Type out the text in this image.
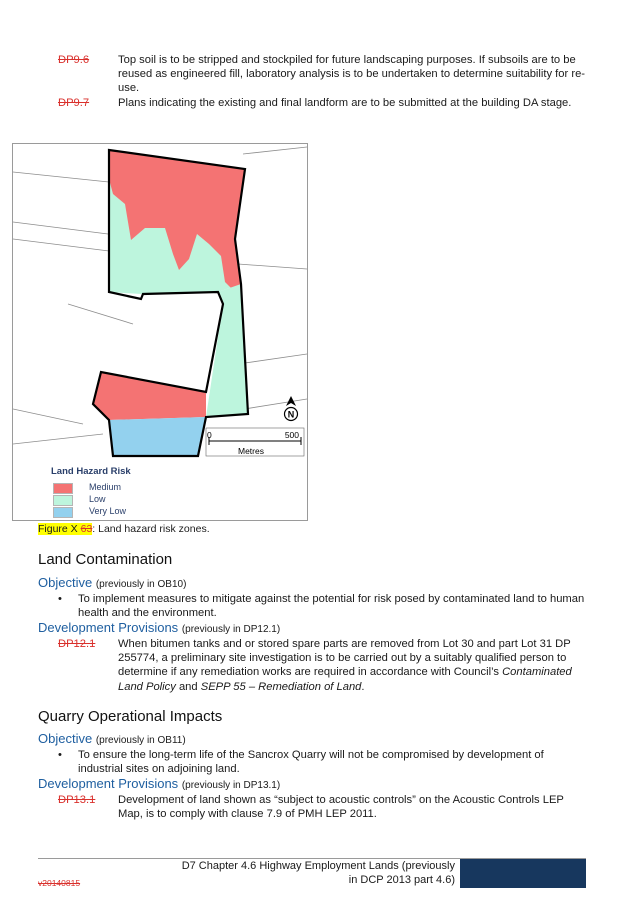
DP9.6	Top soil is to be stripped and stockpiled for future landscaping purposes. If subsoils are to be reused as engineered fill, laboratory analysis is to be undertaken to determine suitability for re-use.
DP9.7	Plans indicating the existing and final landform are to be submitted at the building DA stage.
N
0	500
Metres
Land Hazard Risk
Medium
Low
Very Low
Figure X 63: Land hazard risk zones.
Land Contamination
Objective (previously in OB10)
• To implement measures to mitigate against the potential for risk posed by contaminated land to human health and the environment.
Development Provisions (previously in DP12.1)
DP12.1 When bitumen tanks and or stored spare parts are removed from Lot 30 and part Lot 31 DP 255774, a preliminary site investigation is to be carried out by a suitably qualified person to determine if any remediation works are required in accordance with Council’s Contaminated Land Policy and SEPP 55 – Remediation of Land.
Quarry Operational Impacts
Objective (previously in OB11)
• To ensure the long-term life of the Sancrox Quarry will not be compromised by development of industrial sites on adjoining land.
Development Provisions (previously in DP13.1)
DP13.1 Development of land shown as “subject to acoustic controls” on the Acoustic Controls LEP Map, is to comply with clause 7.9 of PMH LEP 2011.
D7 Chapter 4.6 Highway Employment Lands (previously
in DCP 2013 part 4.6)
v20140815
